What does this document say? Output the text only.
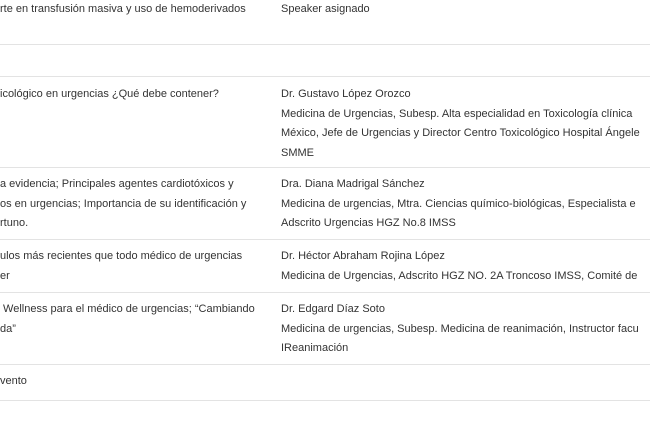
rte en transfusión masiva y uso de hemoderivados	Speaker asignado
icológico en urgencias ¿Qué debe contener?	Dr. Gustavo López Orozco
Medicina de Urgencias, Subesp. Alta especialidad en Toxicología clínica
México, Jefe de Urgencias y Director Centro Toxicológico Hospital Ángele
SMME
a evidencia; Principales agentes cardiotóxicos y
os en urgencias; Importancia de su identificación y
rtuno.
Dra. Diana Madrigal Sánchez
Medicina de urgencias, Mtra. Ciencias químico-biológicas, Especialista e
Adscrito Urgencias HGZ No.8 IMSS
ulos más recientes que todo médico de urgencias
er
Dr. Héctor Abraham Rojina López
Medicina de Urgencias, Adscrito HGZ NO. 2A Troncoso IMSS, Comité de
Wellness para el médico de urgencias; “Cambiando
da”
Dr. Edgard Díaz Soto
Medicina de urgencias, Subesp. Medicina de reanimación, Instructor facu
IReanimación
vento
